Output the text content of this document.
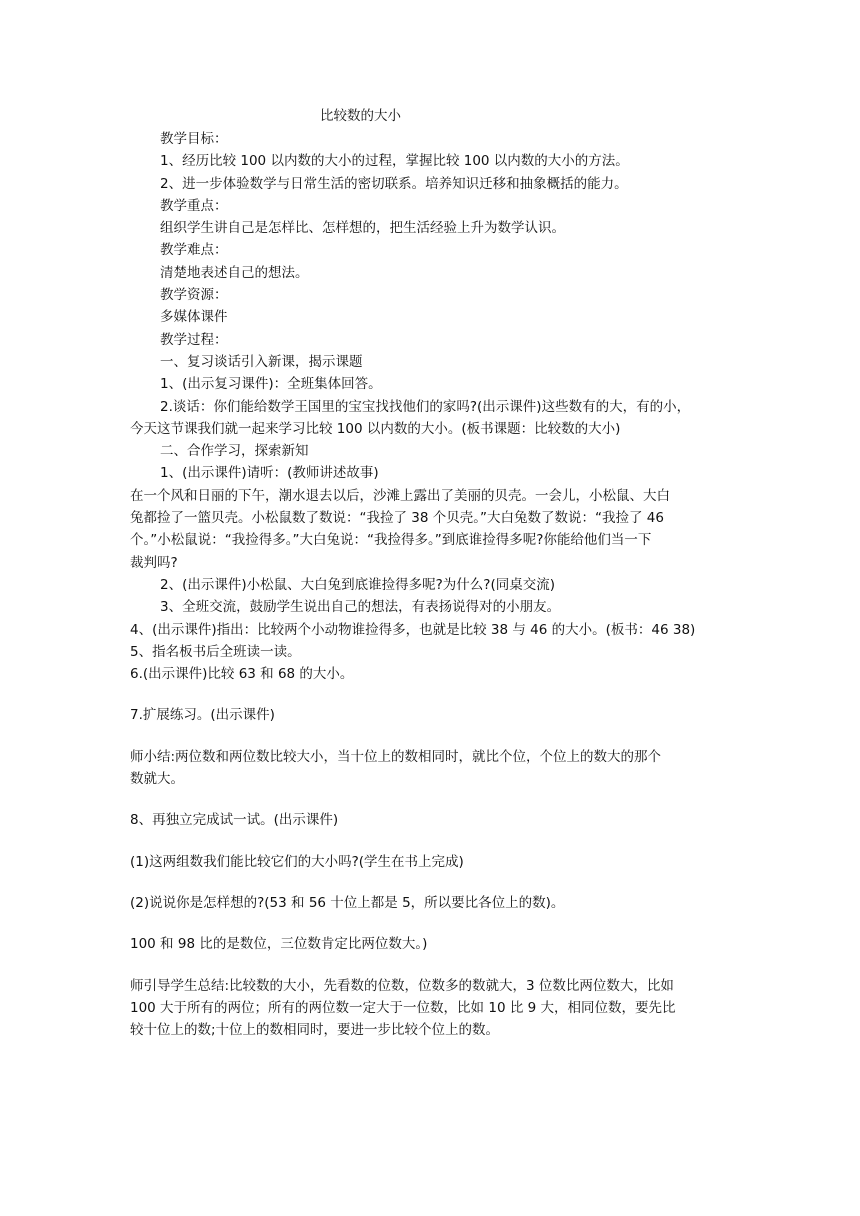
比较数的大小
教学目标：
1、经历比较 100 以内数的大小的过程，掌握比较 100 以内数的大小的方法。
2、进一步体验数学与日常生活的密切联系。培养知识迁移和抽象概括的能力。
教学重点：
组织学生讲自己是怎样比、怎样想的，把生活经验上升为数学认识。
教学难点：
清楚地表述自己的想法。
教学资源：
多媒体课件
教学过程：
一、复习谈话引入新课，揭示课题
1、(出示复习课件)：全班集体回答。
2.谈话：你们能给数学王国里的宝宝找找他们的家吗?(出示课件)这些数有的大，有的小，
今天这节课我们就一起来学习比较 100 以内数的大小。(板书课题：比较数的大小)
二、合作学习，探索新知
1、(出示课件)请听：(教师讲述故事)
在一个风和日丽的下午，潮水退去以后，沙滩上露出了美丽的贝壳。一会儿，小松鼠、大白
兔都捡了一篮贝壳。小松鼠数了数说：“我捡了 38 个贝壳。”大白兔数了数说：“我捡了 46
个。”小松鼠说：“我捡得多。”大白兔说：“我捡得多。”到底谁捡得多呢?你能给他们当一下
裁判吗?
2、(出示课件)小松鼠、大白兔到底谁捡得多呢?为什么?(同桌交流)
3、全班交流，鼓励学生说出自己的想法，有表扬说得对的小朋友。
4、(出示课件)指出：比较两个小动物谁捡得多，也就是比较 38 与 46 的大小。(板书：46 38)
5、指名板书后全班读一读。
6.(出示课件)比较 63 和 68 的大小。
7.扩展练习。(出示课件)
师小结:两位数和两位数比较大小，当十位上的数相同时，就比个位，个位上的数大的那个
数就大。
8、再独立完成试一试。(出示课件)
(1)这两组数我们能比较它们的大小吗?(学生在书上完成)
(2)说说你是怎样想的?(53 和 56 十位上都是 5，所以要比各位上的数)。
100 和 98 比的是数位，三位数肯定比两位数大。)
师引导学生总结:比较数的大小，先看数的位数，位数多的数就大，3 位数比两位数大，比如
100 大于所有的两位；所有的两位数一定大于一位数，比如 10 比 9 大，相同位数，要先比
较十位上的数;十位上的数相同时，要进一步比较个位上的数。
